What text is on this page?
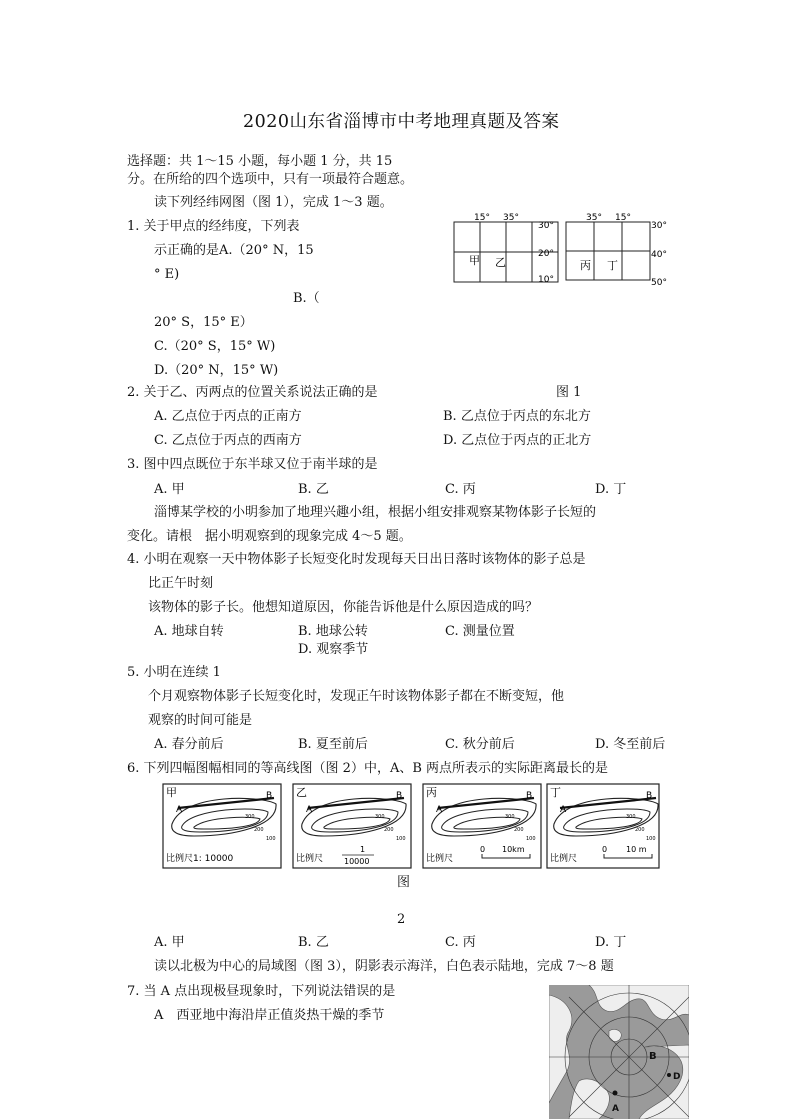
2020山东省淄博市中考地理真题及答案
选择题：共 1～15 小题，每小题 1 分，共 15
分。在所给的四个选项中，只有一项最符合题意。
读下列经纬网图（图 1），完成 1～3 题。
1. 关于甲点的经纬度，下列表
示正确的是A.（20° N，15
° E)
B.（
20° S，15° E）
C.（20° S，15° W)
D.（20° N，15° W)
15° 35°
30°
20°
10°
甲 乙
35° 15°
30°
40°
50°
丙 丁
2. 关于乙、丙两点的位置关系说法正确的是	图 1
A. 乙点位于丙点的正南方	B. 乙点位于丙点的东北方
C. 乙点位于丙点的西南方	D. 乙点位于丙点的正北方
3. 图中四点既位于东半球又位于南半球的是
A. 甲	B. 乙	C. 丙	D. 丁
淄博某学校的小明参加了地理兴趣小组，根据小组安排观察某物体影子长短的
变化。请根　据小明观察到的现象完成 4～5 题。
4. 小明在观察一天中物体影子长短变化时发现每天日出日落时该物体的影子总是
比正午时刻
该物体的影子长。他想知道原因，你能告诉他是什么原因造成的吗？
A. 地球自转	B. 地球公转	C. 测量位置
D. 观察季节
5. 小明在连续 1
个月观察物体影子长短变化时，发现正午时该物体影子都在不断变短，他
观察的时间可能是
A. 春分前后	B. 夏至前后	C. 秋分前后	D. 冬至前后
6. 下列四幅图幅相同的等高线图（图 2）中，A、B 两点所表示的实际距离最长的是
甲
A
B
300
200
100
比例尺1: 10000
乙
A
B
300
200
100
比例尺
1
10000
丙
A
B
300
200
100
比例尺
0 10km
丁
A
B
300
200
100
比例尺
0 10 m
图
2
A. 甲	B. 乙	C. 丙	D. 丁
读以北极为中心的局域图（图 3），阴影表示海洋，白色表示陆地，完成 7～8 题
7. 当 A 点出现极昼现象时，下列说法错误的是
A　西亚地中海沿岸正值炎热干燥的季节
B
A
D
